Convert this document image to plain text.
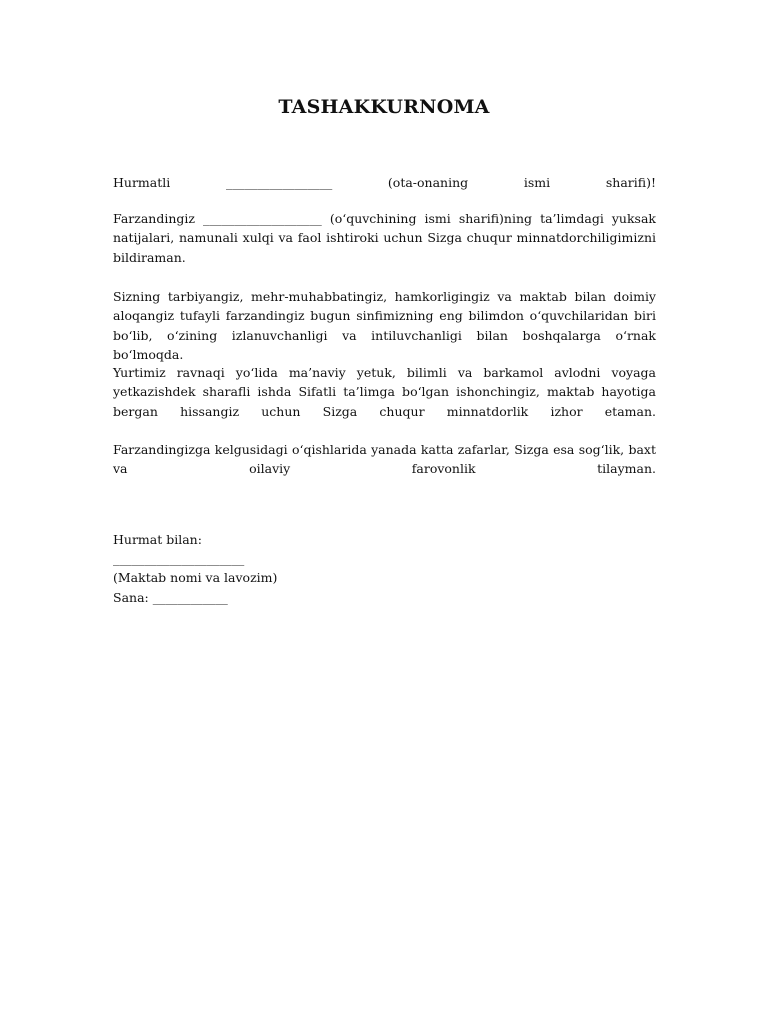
TASHAKKURNOMA

Hurmatli _________________ (ota-onaning ismi sharifi)!

Farzandingiz ___________________ (o‘quvchining ismi sharifi)ning ta’limdagi yuksak natijalari, namunali xulqi va faol ishtiroki uchun Sizga chuqur minnatdorchiligimizni bildiraman.

Sizning tarbiyangiz, mehr-muhabbatingiz, hamkorligingiz va maktab bilan doimiy aloqangiz tufayli farzandingiz bugun sinfimizning eng bilimdon o‘quvchilaridan biri bo‘lib, o‘zining izlanuvchanligi va intiluvchanligi bilan boshqalarga o‘rnak bo‘lmoqda.

Yurtimiz ravnaqi yo‘lida ma’naviy yetuk, bilimli va barkamol avlodni voyaga yetkazishdek sharafli ishda Sifatli ta’limga bo‘lgan ishonchingiz, maktab hayotiga bergan hissangiz uchun Sizga chuqur minnatdorlik izhor etaman.

Farzandingizga kelgusidagi o‘qishlarida yanada katta zafarlar, Sizga esa sog‘lik, baxt va oilaviy farovonlik tilayman.

Hurmat bilan:

_____________________

(Maktab nomi va lavozim)

Sana: ____________
